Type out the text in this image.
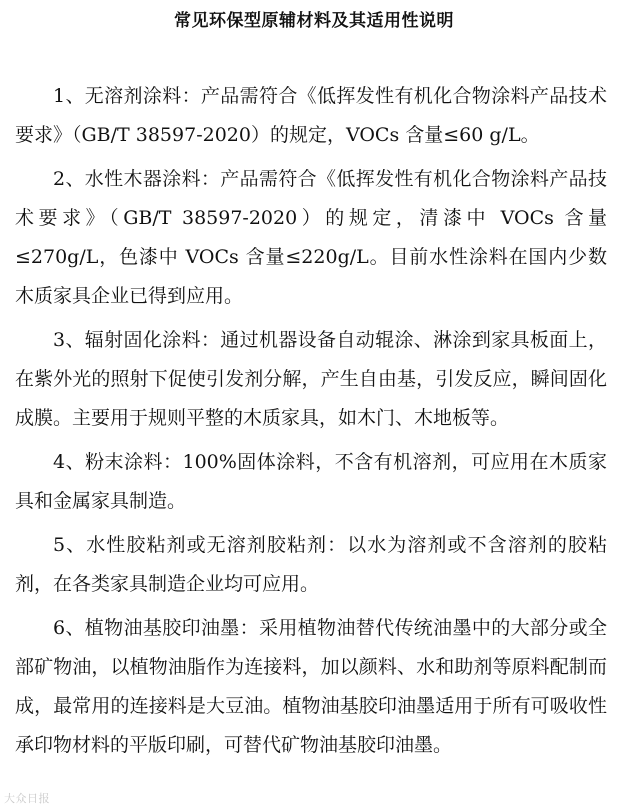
常见环保型原辅材料及其适用性说明

1、无溶剂涂料：产品需符合《低挥发性有机化合物涂料产品技术要求》（GB/T 38597-2020）的规定，VOCs 含量≤60 g/L。

2、水性木器涂料：产品需符合《低挥发性有机化合物涂料产品技术要求》（GB/T 38597-2020）的规定，清漆中 VOCs 含量≤270g/L，色漆中 VOCs 含量≤220g/L。目前水性涂料在国内少数木质家具企业已得到应用。

3、辐射固化涂料：通过机器设备自动辊涂、淋涂到家具板面上，在紫外光的照射下促使引发剂分解，产生自由基，引发反应，瞬间固化成膜。主要用于规则平整的木质家具，如木门、木地板等。

4、粉末涂料：100%固体涂料，不含有机溶剂，可应用在木质家具和金属家具制造。

5、水性胶粘剂或无溶剂胶粘剂：以水为溶剂或不含溶剂的胶粘剂，在各类家具制造企业均可应用。

6、植物油基胶印油墨：采用植物油替代传统油墨中的大部分或全部矿物油，以植物油脂作为连接料，加以颜料、水和助剂等原料配制而成，最常用的连接料是大豆油。植物油基胶印油墨适用于所有可吸收性承印物材料的平版印刷，可替代矿物油基胶印油墨。

大众日报
